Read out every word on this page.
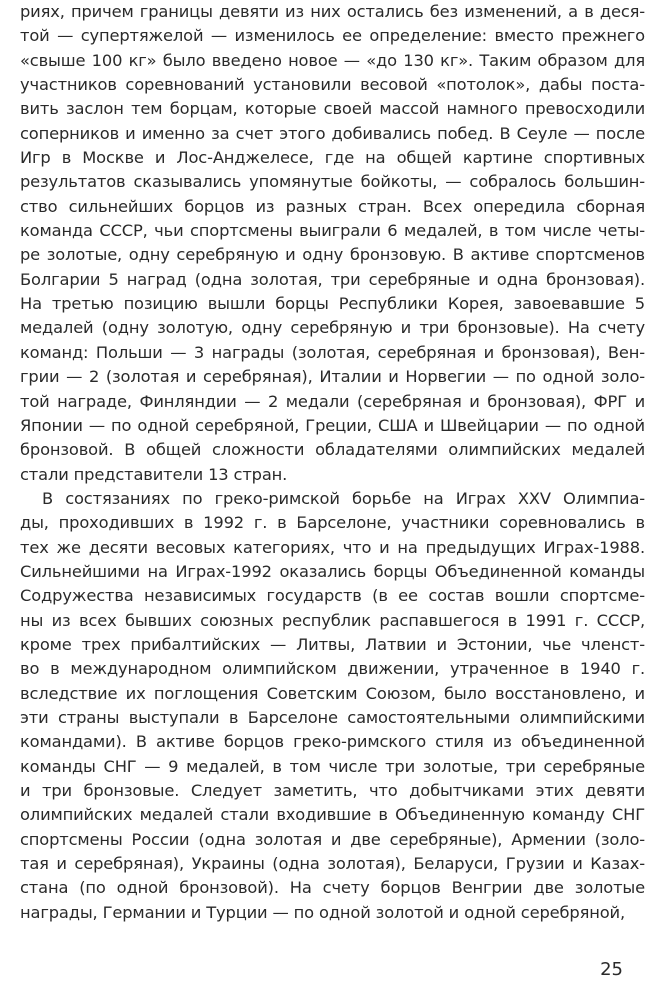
риях, причем границы девяти из них остались без изменений, а в деся-
той — супертяжелой — изменилось ее определение: вместо прежнего
«свыше 100 кг» было введено новое — «до 130 кг». Таким образом для
участников соревнований установили весовой «потолок», дабы поста-
вить заслон тем борцам, которые своей массой намного превосходили
соперников и именно за счет этого добивались побед. В Сеуле — после
Игр в Москве и Лос-Анджелесе, где на общей картине спортивных
результатов сказывались упомянутые бойкоты, — собралось большин-
ство сильнейших борцов из разных стран. Всех опередила сборная
команда СССР, чьи спортсмены выиграли 6 медалей, в том числе четы-
ре золотые, одну серебряную и одну бронзовую. В активе спортсменов
Болгарии 5 наград (одна золотая, три серебряные и одна бронзовая).
На третью позицию вышли борцы Республики Корея, завоевавшие 5
медалей (одну золотую, одну серебряную и три бронзовые). На счету
команд: Польши — 3 награды (золотая, серебряная и бронзовая), Вен-
грии — 2 (золотая и серебряная), Италии и Норвегии — по одной золо-
той награде, Финляндии — 2 медали (серебряная и бронзовая), ФРГ и
Японии — по одной серебряной, Греции, США и Швейцарии — по одной
бронзовой. В общей сложности обладателями олимпийских медалей
стали представители 13 стран.
В состязаниях по греко-римской борьбе на Играх XXV Олимпиа-
ды, проходивших в 1992 г. в Барселоне, участники соревновались в
тех же десяти весовых категориях, что и на предыдущих Играх-1988.
Сильнейшими на Играх-1992 оказались борцы Объединенной команды
Содружества независимых государств (в ее состав вошли спортсме-
ны из всех бывших союзных республик распавшегося в 1991 г. СССР,
кроме трех прибалтийских — Литвы, Латвии и Эстонии, чье членст-
во в международном олимпийском движении, утраченное в 1940 г.
вследствие их поглощения Советским Союзом, было восстановлено, и
эти страны выступали в Барселоне самостоятельными олимпийскими
командами). В активе борцов греко-римского стиля из объединенной
команды СНГ — 9 медалей, в том числе три золотые, три серебряные
и три бронзовые. Следует заметить, что добытчиками этих девяти
олимпийских медалей стали входившие в Объединенную команду СНГ
спортсмены России (одна золотая и две серебряные), Армении (золо-
тая и серебряная), Украины (одна золотая), Беларуси, Грузии и Казах-
стана (по одной бронзовой). На счету борцов Венгрии две золотые
награды, Германии и Турции — по одной золотой и одной серебряной,
25
